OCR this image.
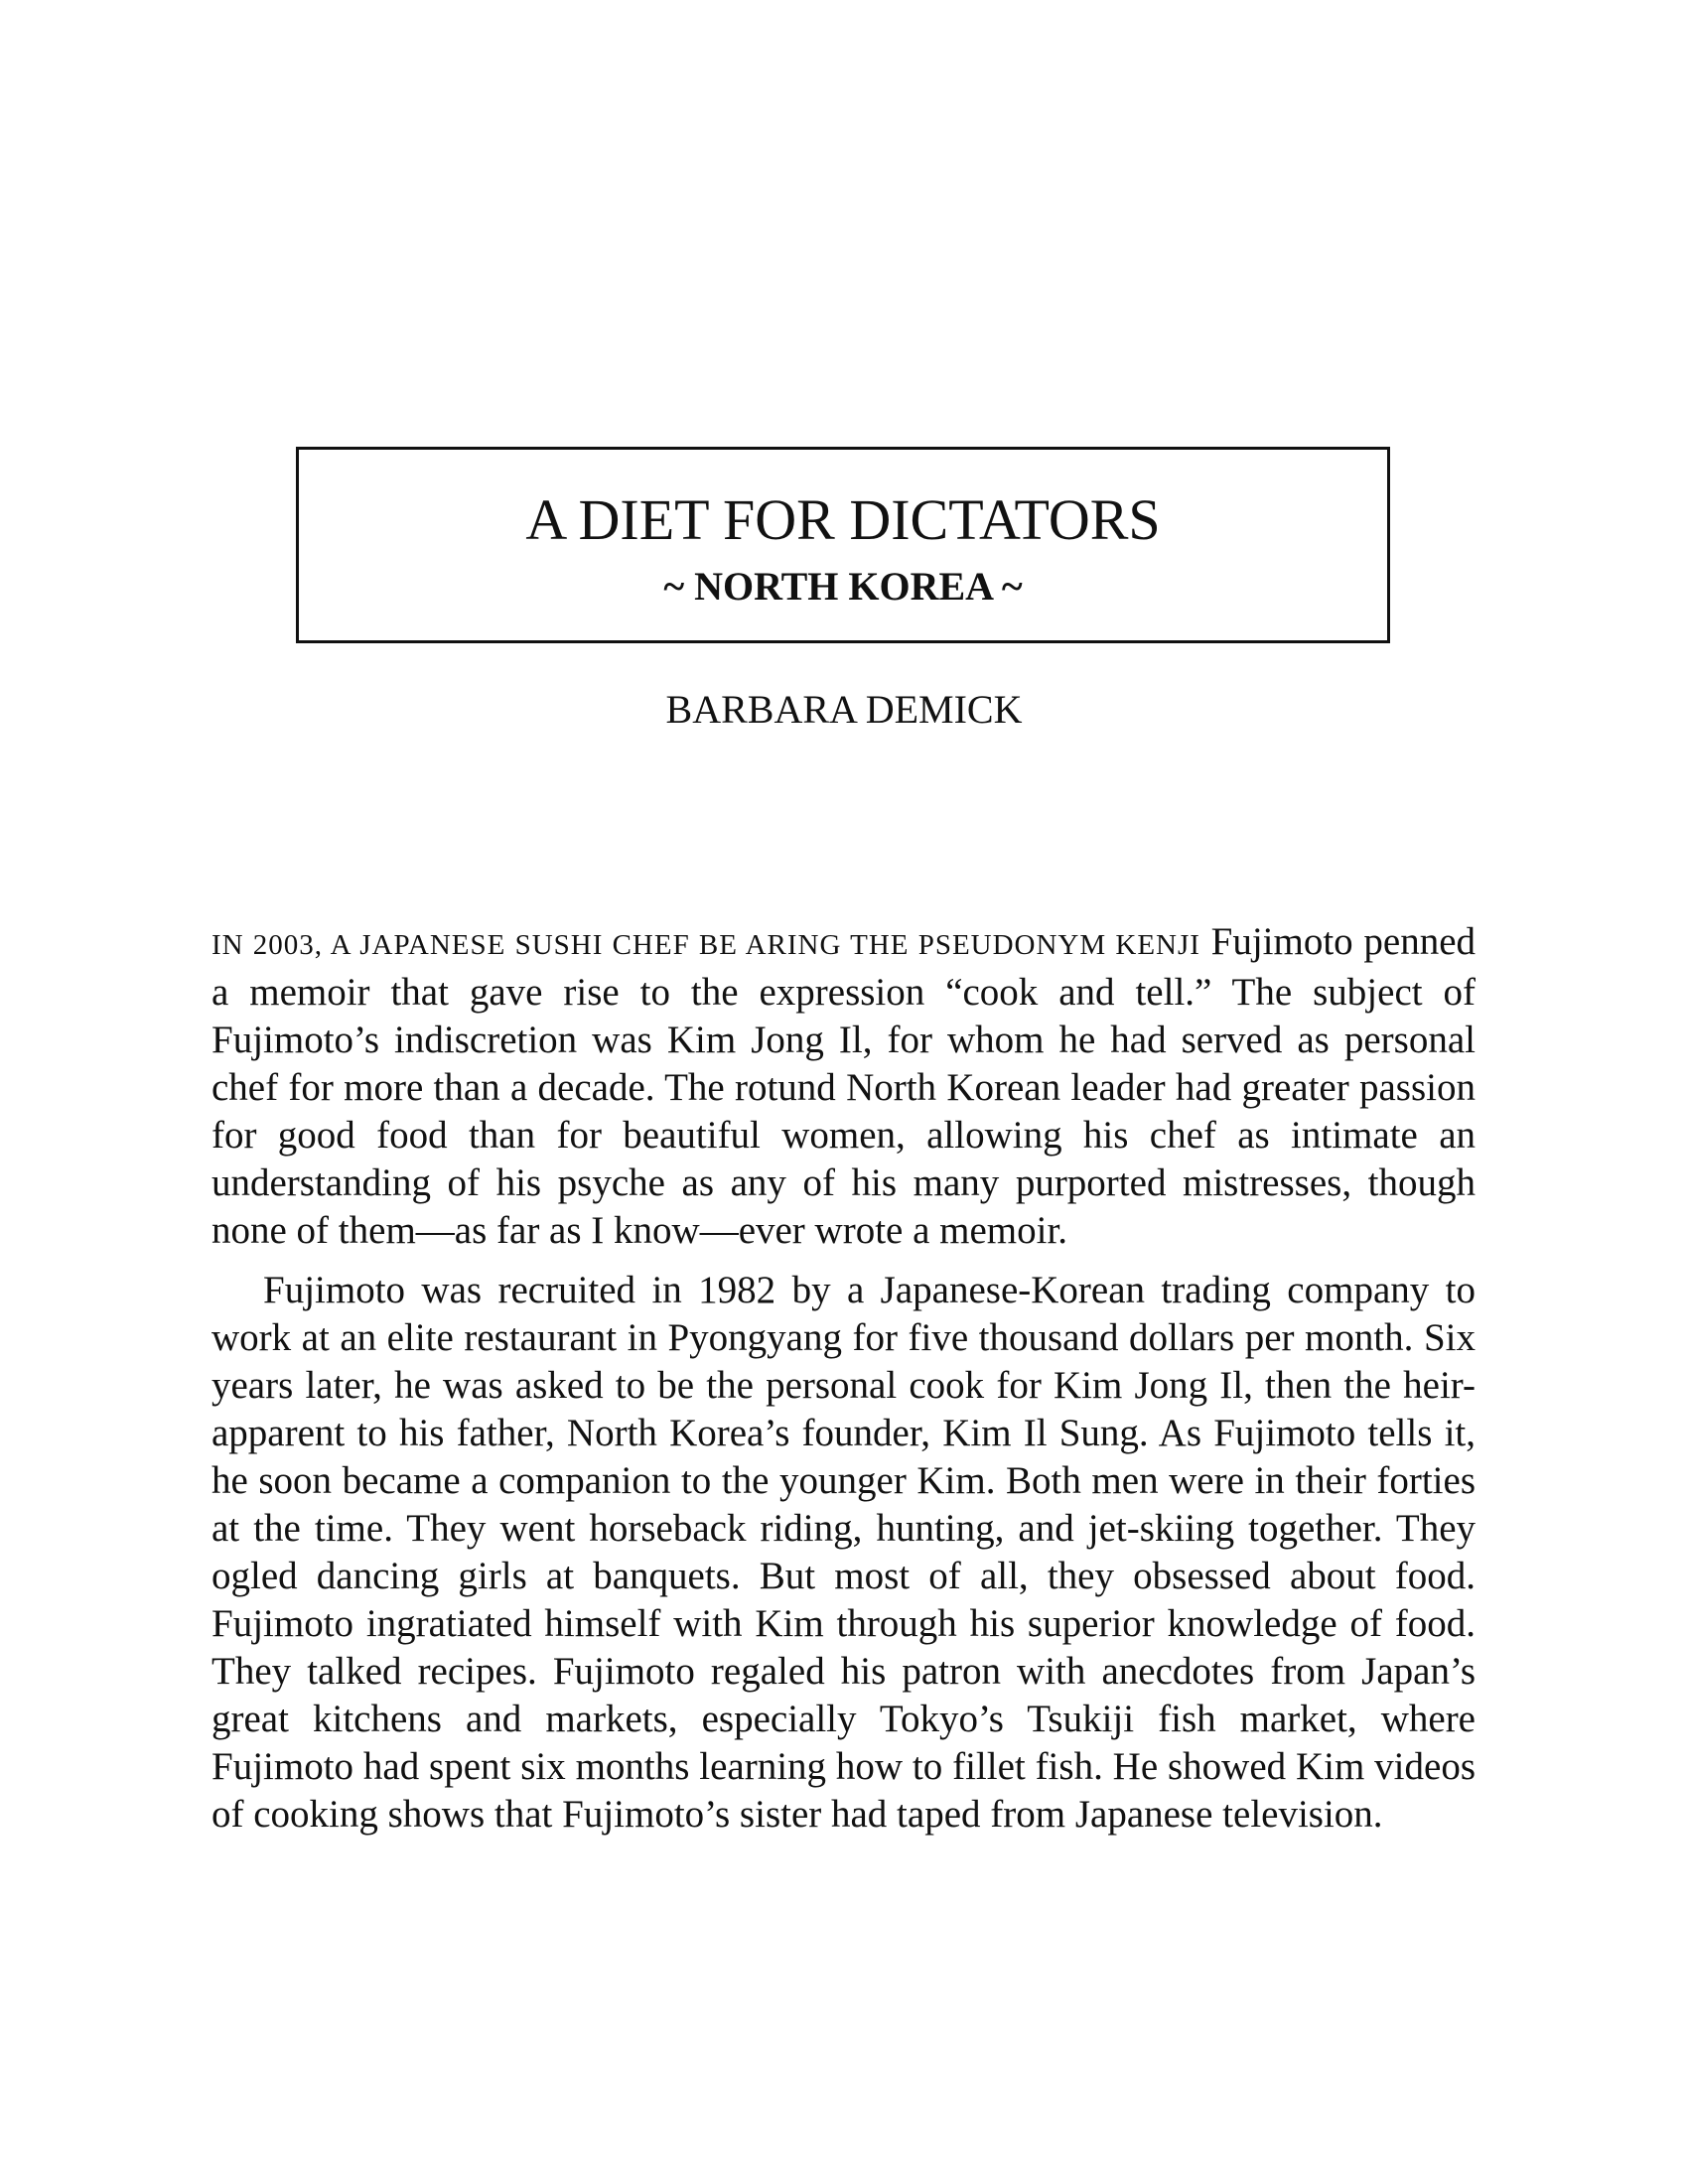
A DIET FOR DICTATORS
~ NORTH KOREA ~
BARBARA DEMICK

IN 2003, A JAPANESE SUSHI CHEF BE ARING THE PSEUDONYM KENJI Fujimoto penned a memoir that gave rise to the expression “cook and tell.” The subject of Fujimoto’s indiscretion was Kim Jong Il, for whom he had served as personal chef for more than a decade. The rotund North Korean leader had greater passion for good food than for beautiful women, allowing his chef as intimate an understanding of his psyche as any of his many purported mistresses, though none of them—as far as I know—ever wrote a memoir.

Fujimoto was recruited in 1982 by a Japanese-Korean trading company to work at an elite restaurant in Pyongyang for five thousand dollars per month. Six years later, he was asked to be the personal cook for Kim Jong Il, then the heir-apparent to his father, North Korea’s founder, Kim Il Sung. As Fujimoto tells it, he soon became a companion to the younger Kim. Both men were in their forties at the time. They went horseback riding, hunting, and jet-skiing together. They ogled dancing girls at banquets. But most of all, they obsessed about food. Fujimoto ingratiated himself with Kim through his superior knowledge of food. They talked recipes. Fujimoto regaled his patron with anecdotes from Japan’s great kitchens and markets, especially Tokyo’s Tsukiji fish market, where Fujimoto had spent six months learning how to fillet fish. He showed Kim videos of cooking shows that Fujimoto’s sister had taped from Japanese television.
